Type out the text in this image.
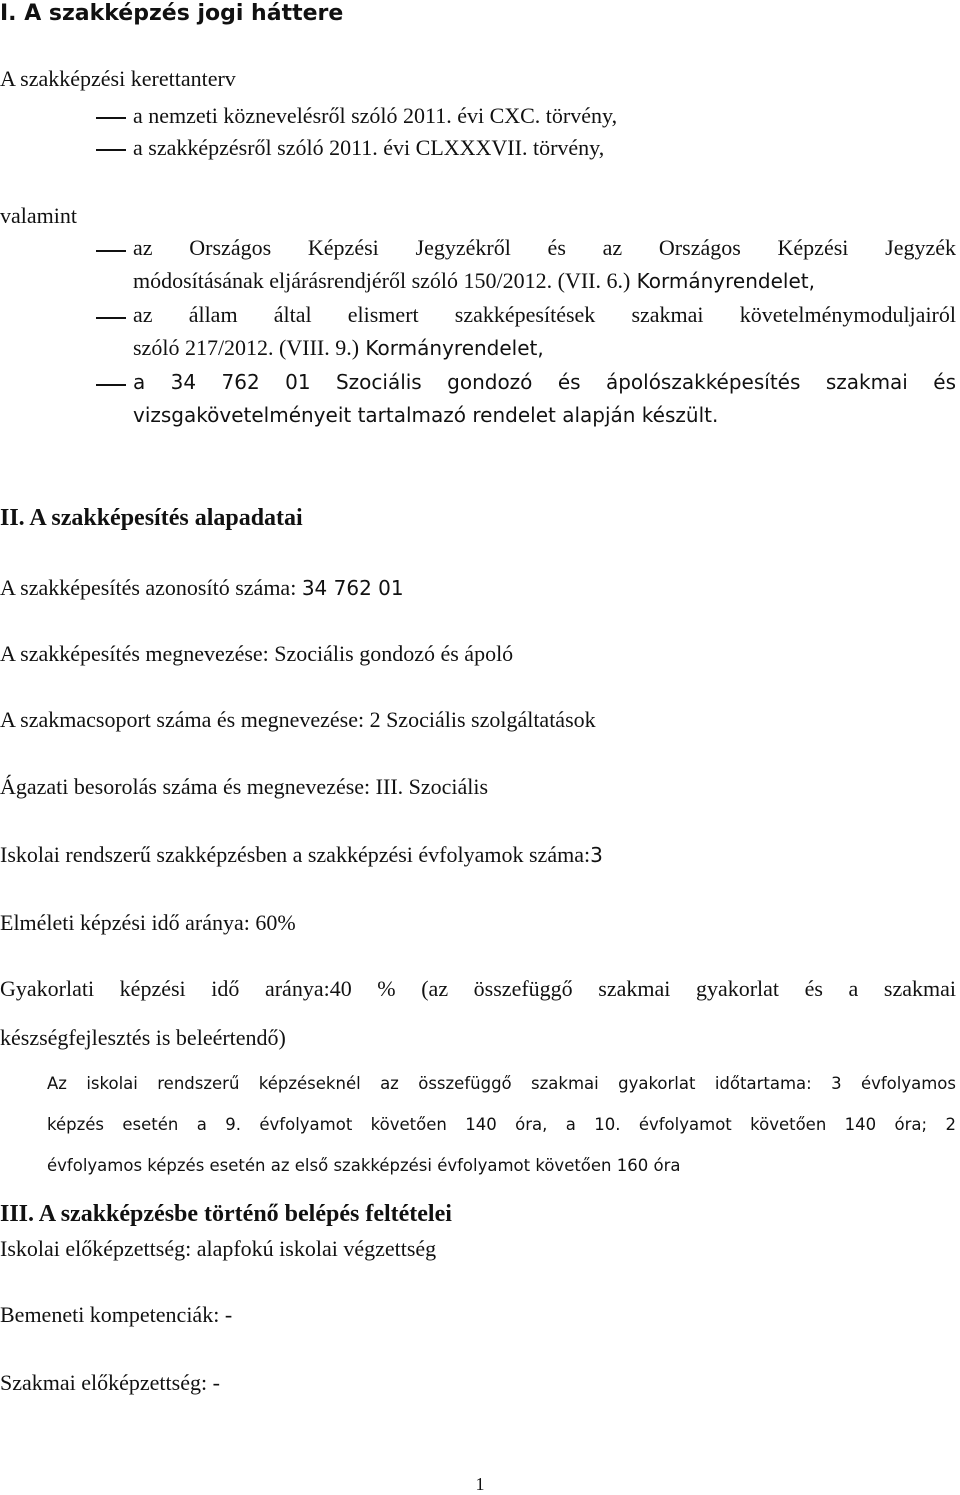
I. A szakképzés jogi háttere
A szakképzési kerettanterv
a nemzeti köznevelésről szóló 2011. évi CXC. törvény,
a szakképzésről szóló 2011. évi CLXXXVII. törvény,
valamint
az Országos Képzési Jegyzékről és az Országos Képzési Jegyzék
módosításának eljárásrendjéről szóló 150/2012. (VII. 6.) Kormányrendelet,
az állam által elismert szakképesítések szakmai követelménymoduljairól
szóló 217/2012. (VIII. 9.) Kormányrendelet,
a 34 762 01 Szociális gondozó és ápolószakképesítés szakmai és
vizsgakövetelményeit tartalmazó rendelet alapján készült.
II. A szakképesítés alapadatai
A szakképesítés azonosító száma: 34 762 01
A szakképesítés megnevezése: Szociális gondozó és ápoló
A szakmacsoport száma és megnevezése: 2 Szociális szolgáltatások
Ágazati besorolás száma és megnevezése: III. Szociális
Iskolai rendszerű szakképzésben a szakképzési évfolyamok száma:3
Elméleti képzési idő aránya: 60%
Gyakorlati képzési idő aránya:40 % (az összefüggő szakmai gyakorlat és a szakmai
készségfejlesztés is beleértendő)
Az iskolai rendszerű képzéseknél az összefüggő szakmai gyakorlat időtartama: 3 évfolyamos
képzés esetén a 9. évfolyamot követően 140 óra, a 10. évfolyamot követően 140 óra; 2
évfolyamos képzés esetén az első szakképzési évfolyamot követően 160 óra
III. A szakképzésbe történő belépés feltételei
Iskolai előképzettség: alapfokú iskolai végzettség
Bemeneti kompetenciák: -
Szakmai előképzettség: -
1
